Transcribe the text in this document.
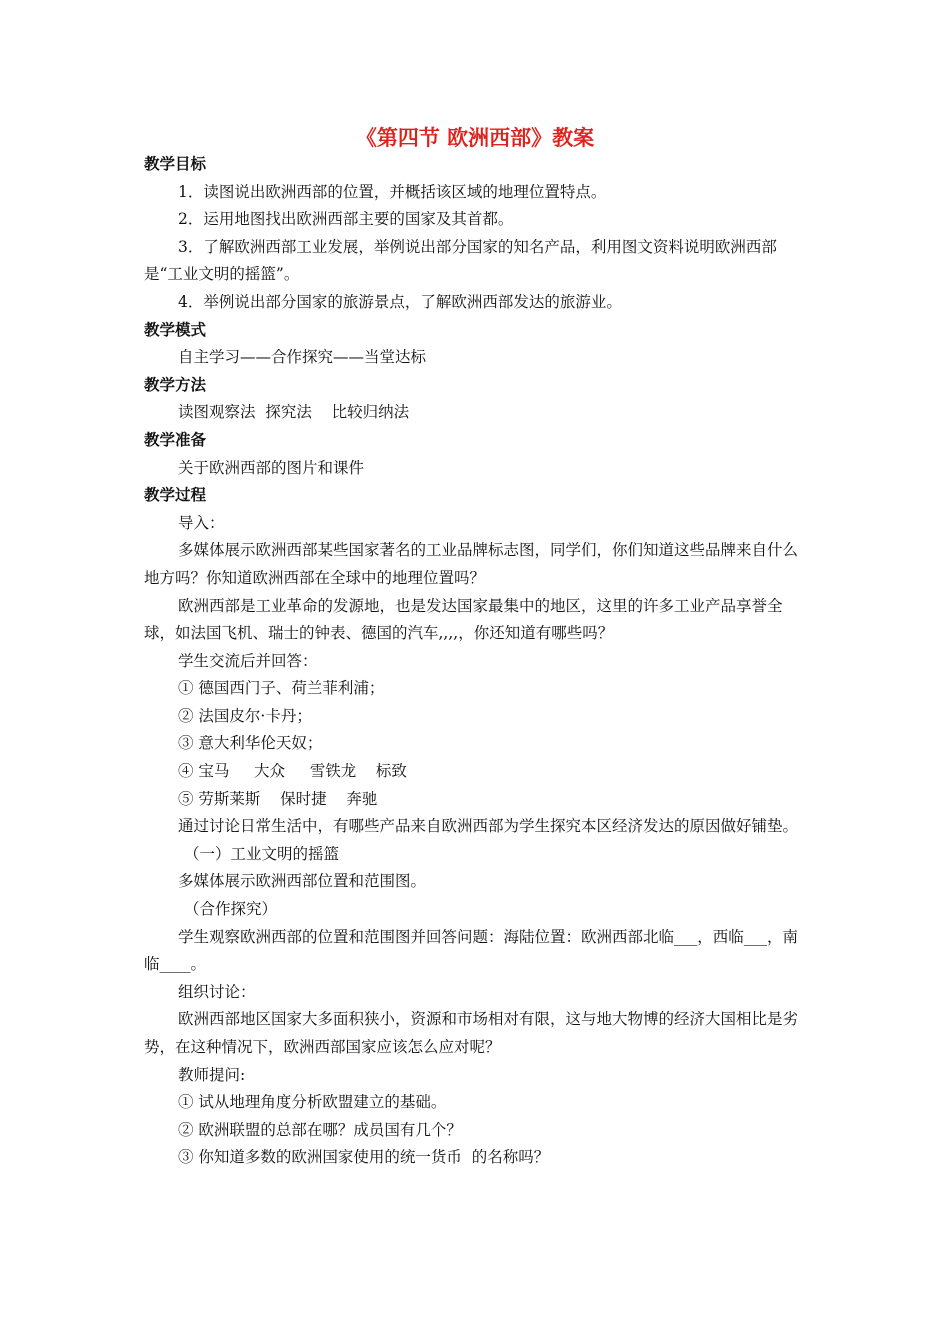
《第四节 欧洲西部》教案

教学目标

1．读图说出欧洲西部的位置，并概括该区域的地理位置特点。

2．运用地图找出欧洲西部主要的国家及其首都。

3．了解欧洲西部工业发展，举例说出部分国家的知名产品，利用图文资料说明欧洲西部是“工业文明的摇篮”。

4．举例说出部分国家的旅游景点，了解欧洲西部发达的旅游业。

教学模式

自主学习——合作探究——当堂达标

教学方法

读图观察法  探究法    比较归纳法

教学准备

关于欧洲西部的图片和课件

教学过程

导入：

多媒体展示欧洲西部某些国家著名的工业品牌标志图，同学们，你们知道这些品牌来自什么地方吗？你知道欧洲西部在全球中的地理位置吗？

欧洲西部是工业革命的发源地，也是发达国家最集中的地区，这里的许多工业产品享誉全球，如法国飞机、瑞士的钟表、德国的汽车,,,,，你还知道有哪些吗？

学生交流后并回答：

① 德国西门子、荷兰菲利浦；

② 法国皮尔·卡丹；

③ 意大利华伦天奴；

④ 宝马     大众     雪铁龙    标致

⑤ 劳斯莱斯    保时捷    奔驰

通过讨论日常生活中，有哪些产品来自欧洲西部为学生探究本区经济发达的原因做好铺垫。

（一）工业文明的摇篮

多媒体展示欧洲西部位置和范围图。

（合作探究）

学生观察欧洲西部的位置和范围图并回答问题：海陆位置：欧洲西部北临___，西临___，南临____。

组织讨论：

欧洲西部地区国家大多面积狭小，资源和市场相对有限，这与地大物博的经济大国相比是劣势，在这种情况下，欧洲西部国家应该怎么应对呢？

教师提问:

① 试从地理角度分析欧盟建立的基础。

② 欧洲联盟的总部在哪？成员国有几个？

③ 你知道多数的欧洲国家使用的统一货币  的名称吗？
